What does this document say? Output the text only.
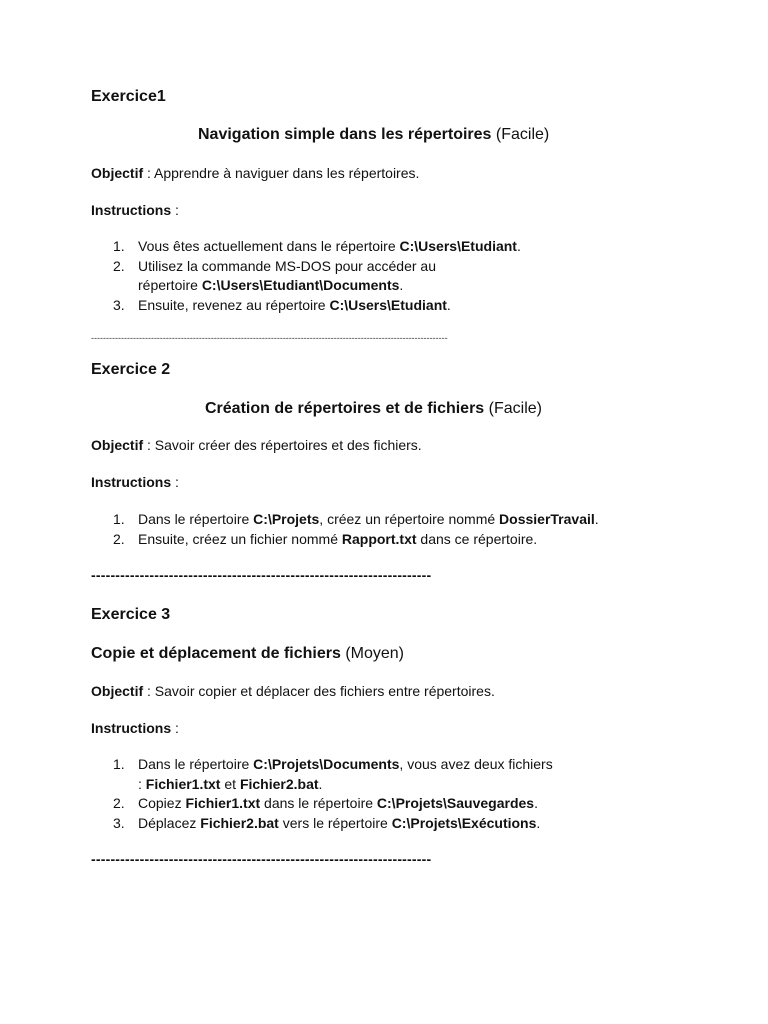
Exercice1

Navigation simple dans les répertoires (Facile)

Objectif : Apprendre à naviguer dans les répertoires.

Instructions :

1. Vous êtes actuellement dans le répertoire C:\Users\Etudiant.
2. Utilisez la commande MS-DOS pour accéder au
répertoire C:\Users\Etudiant\Documents.
3. Ensuite, revenez au répertoire C:\Users\Etudiant.

-----------------------------------------------------------------------------------------------------------------------

Exercice 2

Création de répertoires et de fichiers (Facile)

Objectif : Savoir créer des répertoires et des fichiers.

Instructions :

1. Dans le répertoire C:\Projets, créez un répertoire nommé DossierTravail.
2. Ensuite, créez un fichier nommé Rapport.txt dans ce répertoire.

----------------------------------------------------------------------

Exercice 3

Copie et déplacement de fichiers (Moyen)

Objectif : Savoir copier et déplacer des fichiers entre répertoires.

Instructions :

1. Dans le répertoire C:\Projets\Documents, vous avez deux fichiers
: Fichier1.txt et Fichier2.bat.
2. Copiez Fichier1.txt dans le répertoire C:\Projets\Sauvegardes.
3. Déplacez Fichier2.bat vers le répertoire C:\Projets\Exécutions.

----------------------------------------------------------------------
